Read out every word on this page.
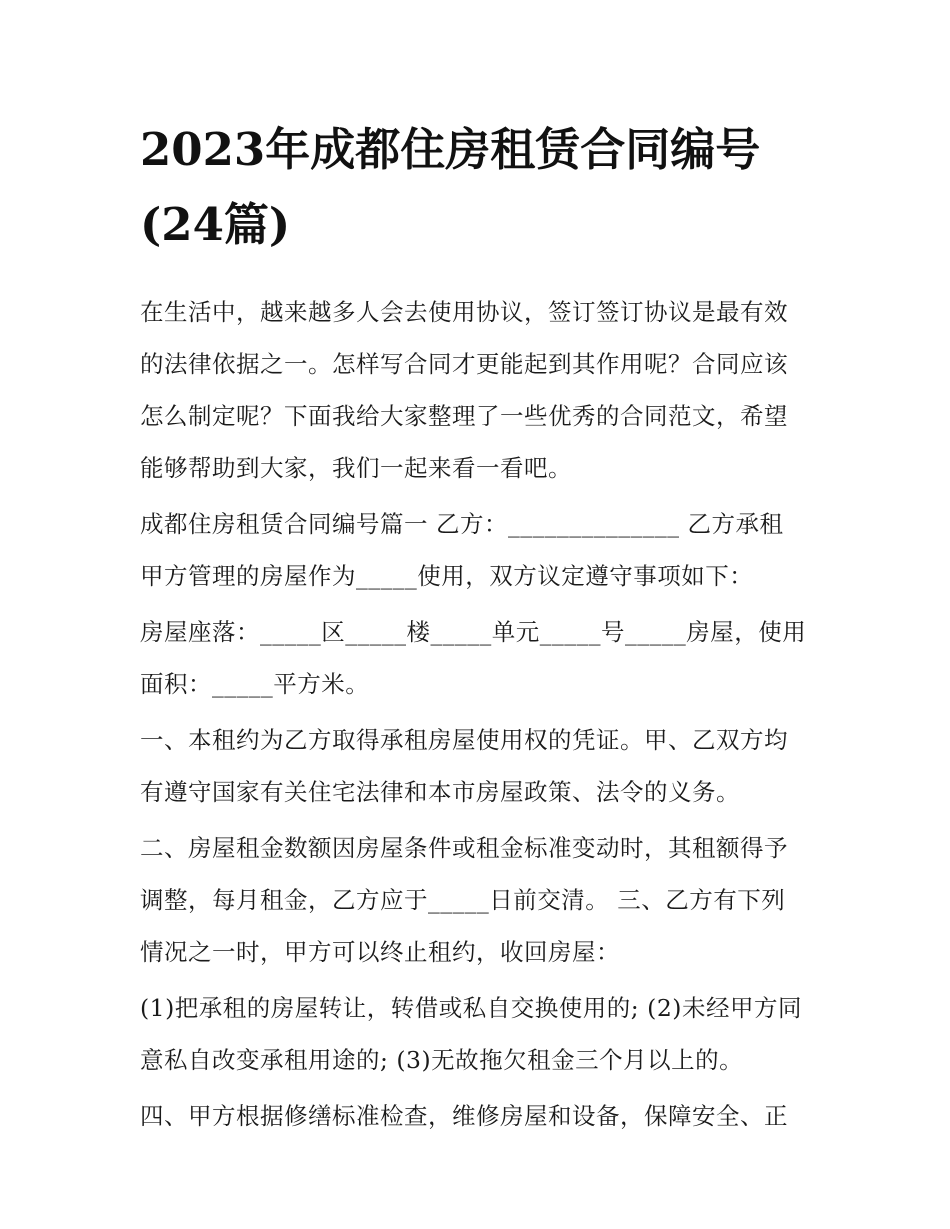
2023年成都住房租赁合同编号
(24篇)

在生活中，越来越多人会去使用协议，签订签订协议是最有效
的法律依据之一。怎样写合同才更能起到其作用呢？合同应该
怎么制定呢？下面我给大家整理了一些优秀的合同范文，希望
能够帮助到大家，我们一起来看一看吧。

成都住房租赁合同编号篇一 乙方：______________ 乙方承租
甲方管理的房屋作为_____使用，双方议定遵守事项如下：

房屋座落：_____区_____楼_____单元_____号_____房屋，使用
面积：_____平方米。

一、本租约为乙方取得承租房屋使用权的凭证。甲、乙双方均
有遵守国家有关住宅法律和本市房屋政策、法令的义务。

二、房屋租金数额因房屋条件或租金标准变动时，其租额得予
调整，每月租金，乙方应于_____日前交清。 三、乙方有下列
情况之一时，甲方可以终止租约，收回房屋：

(1)把承租的房屋转让，转借或私自交换使用的; (2)未经甲方同
意私自改变承租用途的; (3)无故拖欠租金三个月以上的。

四、甲方根据修缮标准检查，维修房屋和设备，保障安全、正
